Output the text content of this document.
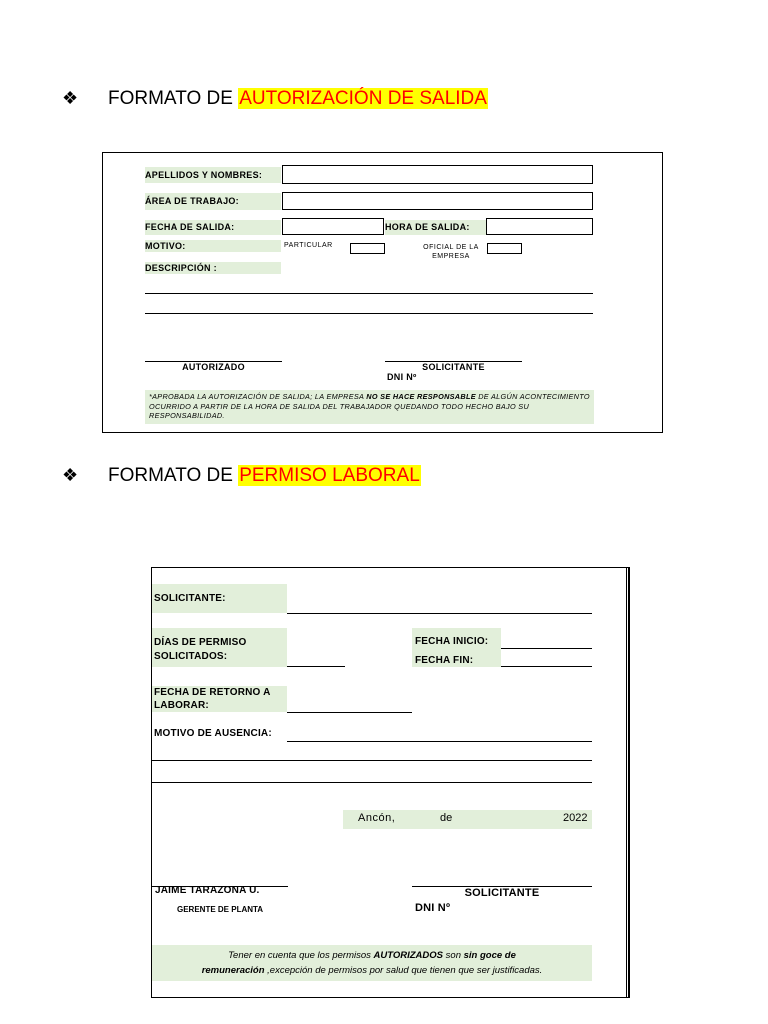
❖ FORMATO DE AUTORIZACIÓN DE SALIDA
APELLIDOS Y NOMBRES:
ÁREA DE TRABAJO:
FECHA DE SALIDA:	HORA DE SALIDA:
MOTIVO:	PARTICULAR	OFICIAL DE LA
EMPRESA
DESCRIPCIÓN :
AUTORIZADO	SOLICITANTE
DNI Nº
*APROBADA LA AUTORIZACIÓN DE SALIDA; LA EMPRESA NO SE HACE RESPONSABLE DE ALGÚN ACONTECIMIENTO OCURRIDO A PARTIR DE LA HORA DE SALIDA DEL TRABAJADOR QUEDANDO TODO HECHO BAJO SU RESPONSABILIDAD.
❖ FORMATO DE PERMISO LABORAL
SOLICITANTE:
DÍAS DE PERMISO
SOLICITADOS:
FECHA INICIO:
FECHA FIN:
FECHA DE RETORNO A
LABORAR:
MOTIVO DE AUSENCIA:
Ancón,	de	2022
JAIME TARAZONA U.
GERENTE DE PLANTA
SOLICITANTE
DNI Nº
Tener en cuenta que los permisos AUTORIZADOS son sin goce de
remuneración ,excepción de permisos por salud que tienen que ser justificadas.
